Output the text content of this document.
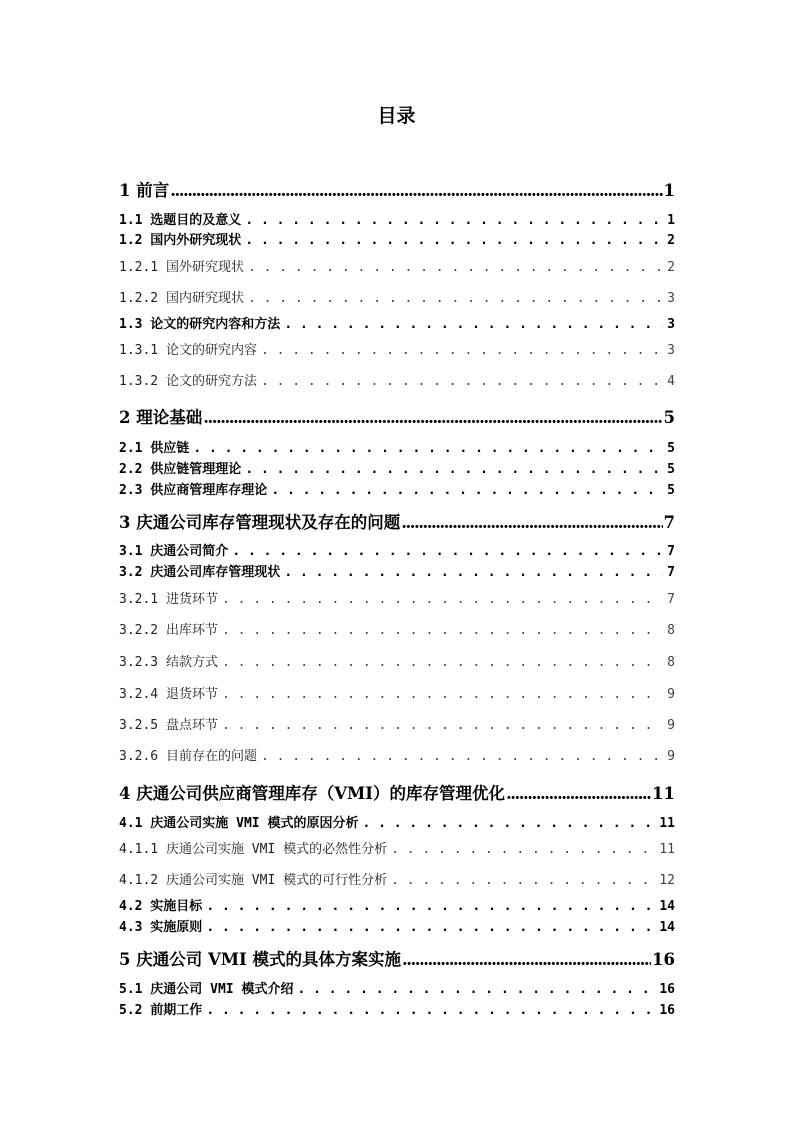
目录
1 前言 .....	1
1.1 选题目的及意义 . . .	1
1.2 国内外研究现状 . . .	2
1.2.1 国外研究现状 . . .	2
1.2.2 国内研究现状 . . .	3
1.3 论文的研究内容和方法 . . .	3
1.3.1 论文的研究内容 . . .	3
1.3.2 论文的研究方法 . . .	4
2 理论基础 .....	5
2.1 供应链 . . .	5
2.2 供应链管理理论 . . .	5
2.3 供应商管理库存理论 . . .	5
3 庆通公司库存管理现状及存在的问题 .....	7
3.1 庆通公司简介 . . .	7
3.2 庆通公司库存管理现状 . . .	7
3.2.1 进货环节 . . .	7
3.2.2 出库环节 . . .	8
3.2.3 结款方式 . . .	8
3.2.4 退货环节 . . .	9
3.2.5 盘点环节 . . .	9
3.2.6 目前存在的问题 . . .	9
4 庆通公司供应商管理库存（VMI）的库存管理优化 .....	11
4.1 庆通公司实施 VMI 模式的原因分析 . . .	11
4.1.1 庆通公司实施 VMI 模式的必然性分析 . . .	11
4.1.2 庆通公司实施 VMI 模式的可行性分析 . . .	12
4.2 实施目标 . . .	14
4.3 实施原则 . . .	14
5 庆通公司 VMI 模式的具体方案实施 .....	16
5.1 庆通公司 VMI 模式介绍 . . .	16
5.2 前期工作 . . .	16
